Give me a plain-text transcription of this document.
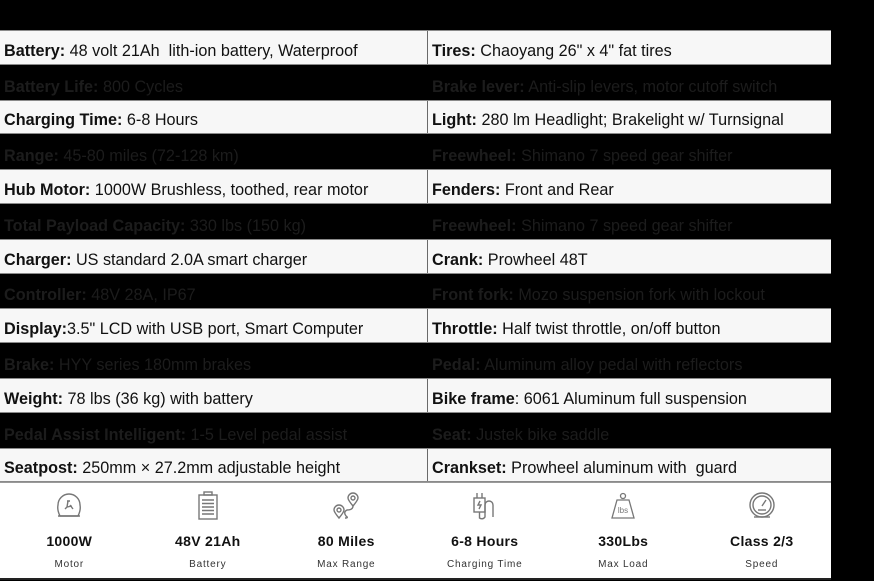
Battery: 48 volt 21Ah  lith-ion battery, Waterproof	Tires: Chaoyang 26" x 4" fat tires
Battery Life: 800 Cycles	Brake lever: Anti-slip levers, motor cutoff switch
Charging Time: 6-8 Hours	Light: 280 lm Headlight; Brakelight w/ Turnsignal
Range: 45-80 miles (72-128 km)	Freewheel: Shimano 7 speed gear shifter
Hub Motor: 1000W Brushless, toothed, rear motor	Fenders: Front and Rear
Total Payload Capacity: 330 lbs (150 kg)	Freewheel: Shimano 7 speed gear shifter
Charger: US standard 2.0A smart charger	Crank: Prowheel 48T
Controller: 48V 28A, IP67	Front fork: Mozo suspension fork with lockout
Display: 3.5" LCD with USB port, Smart Computer	Throttle: Half twist throttle, on/off button
Brake: HYY series 180mm brakes	Pedal: Aluminum alloy pedal with reflectors
Weight: 78 lbs (36 kg) with battery	Bike frame : 6061 Aluminum full suspension
Pedal Assist Intelligent: 1-5 Level pedal assist	Seat: Justek bike saddle
Seatpost: 250mm × 27.2mm adjustable height	Crankset: Prowheel aluminum with  guard
1000W
Motor
48V 21Ah
Battery
80 Miles
Max Range
6-8 Hours
Charging Time
lbs
330Lbs
Max Load
Class 2/3
Speed
